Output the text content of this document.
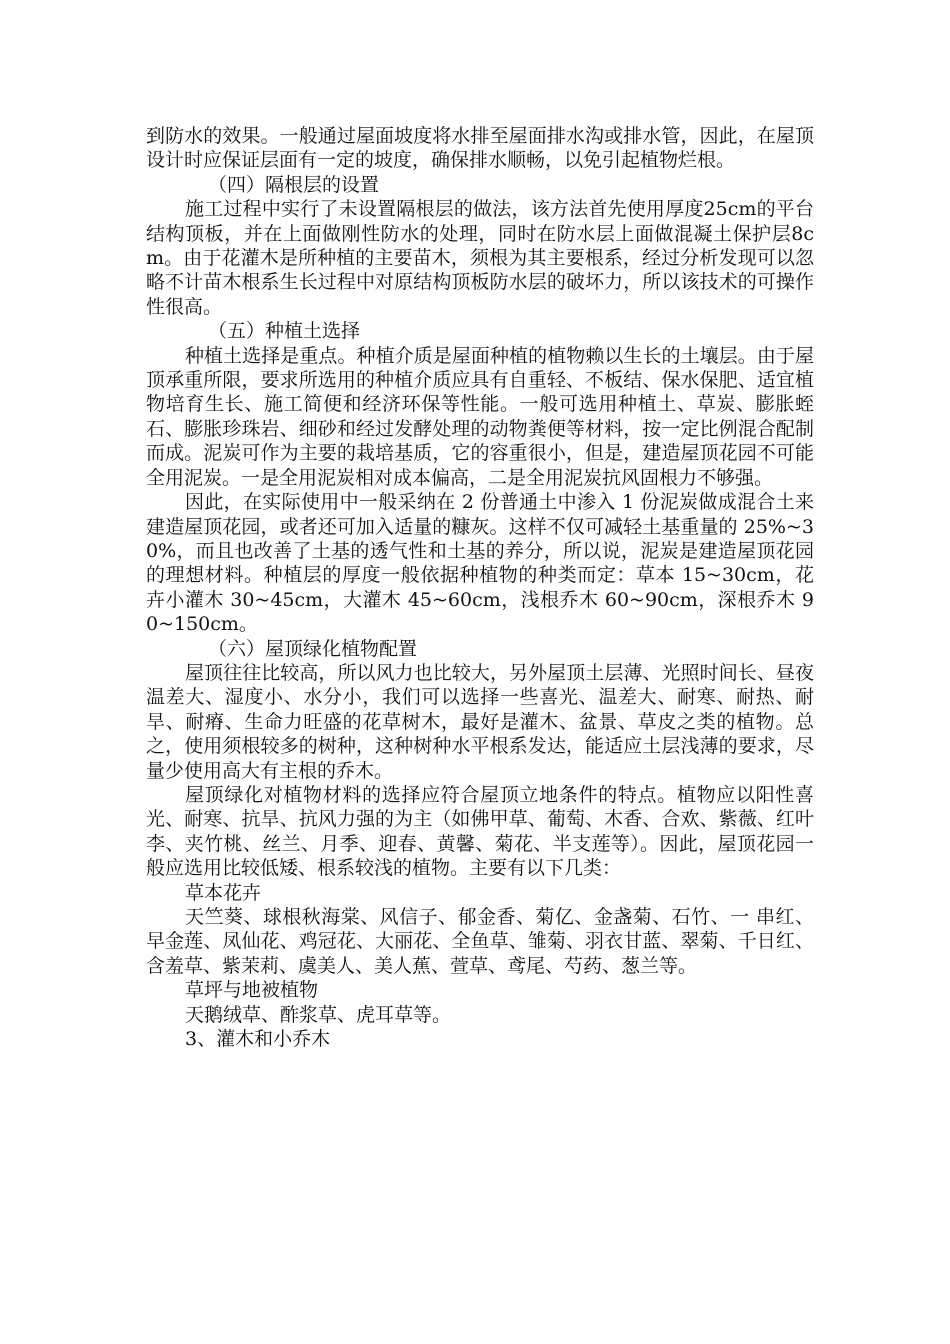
到防水的效果。一般通过屋面坡度将水排至屋面排水沟或排水管，因此，在屋顶设计时应保证层面有一定的坡度，确保排水顺畅，以免引起植物烂根。

（四）隔根层的设置

施工过程中实行了未设置隔根层的做法，该方法首先使用厚度25cm的平台结构顶板，并在上面做刚性防水的处理，同时在防水层上面做混凝土保护层8cm。由于花灌木是所种植的主要苗木，须根为其主要根系，经过分析发现可以忽略不计苗木根系生长过程中对原结构顶板防水层的破坏力，所以该技术的可操作性很高。

（五）种植土选择

种植土选择是重点。种植介质是屋面种植的植物赖以生长的土壤层。由于屋顶承重所限，要求所选用的种植介质应具有自重轻、不板结、保水保肥、适宜植物培育生长、施工简便和经济环保等性能。一般可选用种植土、草炭、膨胀蛭石、膨胀珍珠岩、细砂和经过发酵处理的动物粪便等材料，按一定比例混合配制而成。泥炭可作为主要的栽培基质，它的容重很小，但是，建造屋顶花园不可能全用泥炭。一是全用泥炭相对成本偏高，二是全用泥炭抗风固根力不够强。

因此，在实际使用中一般采纳在 2 份普通土中渗入 1 份泥炭做成混合土来建造屋顶花园，或者还可加入适量的糠灰。这样不仅可减轻土基重量的 25%~30%，而且也改善了土基的透气性和土基的养分，所以说，泥炭是建造屋顶花园的理想材料。种植层的厚度一般依据种植物的种类而定：草本 15~30cm，花卉小灌木 30~45cm，大灌木 45~60cm，浅根乔木 60~90cm，深根乔木 90~150cm。

（六）屋顶绿化植物配置

屋顶往往比较高，所以风力也比较大，另外屋顶土层薄、光照时间长、昼夜温差大、湿度小、水分小，我们可以选择一些喜光、温差大、耐寒、耐热、耐旱、耐瘠、生命力旺盛的花草树木，最好是灌木、盆景、草皮之类的植物。总之，使用须根较多的树种，这种树种水平根系发达，能适应土层浅薄的要求，尽量少使用高大有主根的乔木。

屋顶绿化对植物材料的选择应符合屋顶立地条件的特点。植物应以阳性喜光、耐寒、抗旱、抗风力强的为主（如佛甲草、葡萄、木香、合欢、紫薇、红叶李、夹竹桃、丝兰、月季、迎春、黄馨、菊花、半支莲等）。因此，屋顶花园一般应选用比较低矮、根系较浅的植物。主要有以下几类：

草本花卉

天竺葵、球根秋海棠、风信子、郁金香、菊亿、金盏菊、石竹、一 串红、早金莲、凤仙花、鸡冠花、大丽花、全鱼草、雏菊、羽衣甘蓝、翠菊、千日红、 含羞草、紫茉莉、虞美人、美人蕉、萱草、鸢尾、芍药、葱兰等。

草坪与地被植物

天鹅绒草、酢浆草、虎耳草等。

3、灌木和小乔木
